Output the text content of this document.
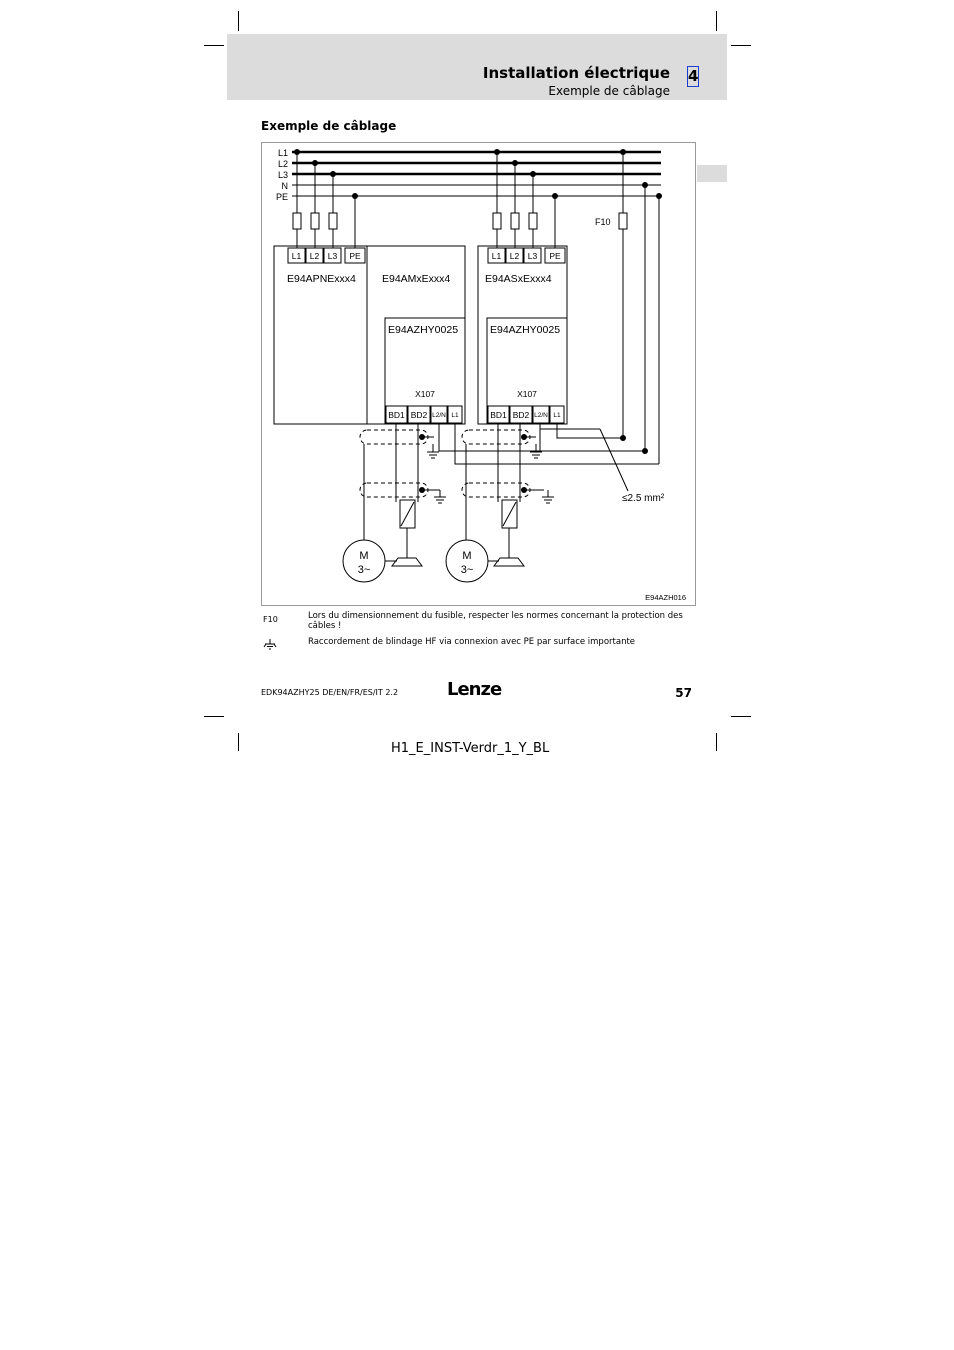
Installation électrique
Exemple de câblage
4
Exemple de câblage
L1
L2
L3
N
PE
F10
L1 L2 L3 PE	L1 L2 L3 PE
E94APNExxx4 E94AMxExxx4	E94ASxExxx4
E94AZHY0025	E94AZHY0025
X107	X107
BD1 BD2 L2/N L1	BD1 BD2 L2/N L1
M
3~
M
3~
≤2.5 mm²
E94AZH016
F10	Lors du dimensionnement du fusible, respecter les normes concernant la protection des câbles !
Raccordement de blindage HF via connexion avec PE par surface importante
EDK94AZHY25 DE/EN/FR/ES/IT 2.2	Lenze	57
H1_E_INST-Verdr_1_Y_BL
